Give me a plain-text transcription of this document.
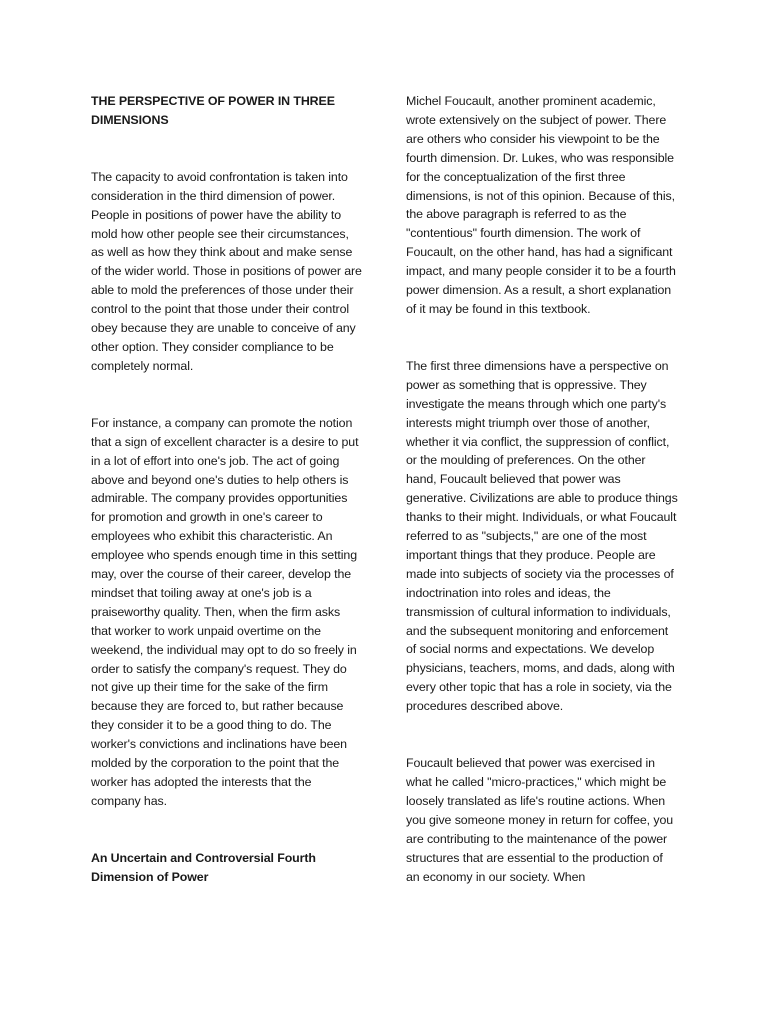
THE PERSPECTIVE OF POWER IN THREE DIMENSIONS

The capacity to avoid confrontation is taken into consideration in the third dimension of power. People in positions of power have the ability to mold how other people see their circumstances, as well as how they think about and make sense of the wider world. Those in positions of power are able to mold the preferences of those under their control to the point that those under their control obey because they are unable to conceive of any other option. They consider compliance to be completely normal.

For instance, a company can promote the notion that a sign of excellent character is a desire to put in a lot of effort into one's job. The act of going above and beyond one's duties to help others is admirable. The company provides opportunities for promotion and growth in one's career to employees who exhibit this characteristic. An employee who spends enough time in this setting may, over the course of their career, develop the mindset that toiling away at one's job is a praiseworthy quality. Then, when the firm asks that worker to work unpaid overtime on the weekend, the individual may opt to do so freely in order to satisfy the company's request. They do not give up their time for the sake of the firm because they are forced to, but rather because they consider it to be a good thing to do. The worker's convictions and inclinations have been molded by the corporation to the point that the worker has adopted the interests that the company has.

An Uncertain and Controversial Fourth Dimension of Power

Michel Foucault, another prominent academic, wrote extensively on the subject of power. There are others who consider his viewpoint to be the fourth dimension. Dr. Lukes, who was responsible for the conceptualization of the first three dimensions, is not of this opinion. Because of this, the above paragraph is referred to as the "contentious" fourth dimension. The work of Foucault, on the other hand, has had a significant impact, and many people consider it to be a fourth power dimension. As a result, a short explanation of it may be found in this textbook.

The first three dimensions have a perspective on power as something that is oppressive. They investigate the means through which one party's interests might triumph over those of another, whether it via conflict, the suppression of conflict, or the moulding of preferences. On the other hand, Foucault believed that power was generative. Civilizations are able to produce things thanks to their might. Individuals, or what Foucault referred to as "subjects," are one of the most important things that they produce. People are made into subjects of society via the processes of indoctrination into roles and ideas, the transmission of cultural information to individuals, and the subsequent monitoring and enforcement of social norms and expectations. We develop physicians, teachers, moms, and dads, along with every other topic that has a role in society, via the procedures described above.

Foucault believed that power was exercised in what he called "micro-practices," which might be loosely translated as life's routine actions. When you give someone money in return for coffee, you are contributing to the maintenance of the power structures that are essential to the production of an economy in our society. When
